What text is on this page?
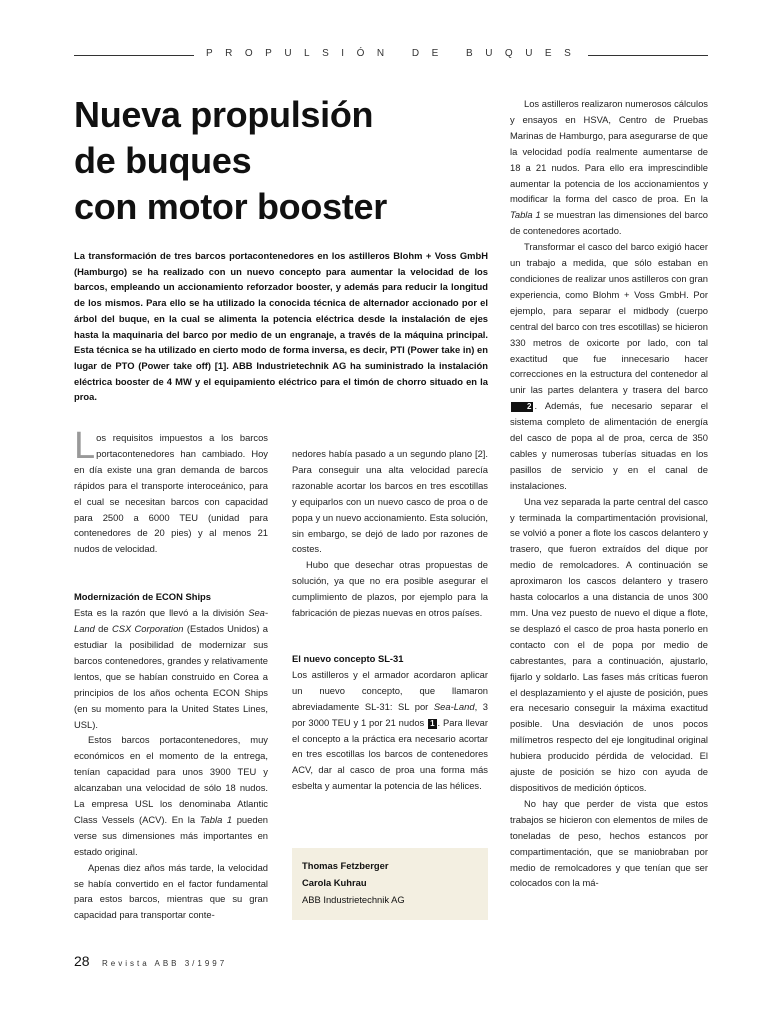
PROPULSIÓN DE BUQUES
Nueva propulsión
de buques
con motor booster

La transformación de tres barcos portacontenedores en los astilleros Blohm + Voss GmbH (Hamburgo) se ha realizado con un nuevo concepto para aumentar la velocidad de los barcos, empleando un accionamiento reforzador booster, y además para reducir la longitud de los mismos. Para ello se ha utilizado la conocida técnica de alternador accionado por el árbol del buque, en la cual se alimenta la potencia eléctrica desde la instalación de ejes hasta la maquinaria del barco por medio de un engranaje, a través de la máquina principal. Esta técnica se ha utilizado en cierto modo de forma inversa, es decir, PTI (Power take in) en lugar de PTO (Power take off) [1]. ABB Industrietechnik AG ha suministrado la instalación eléctrica booster de 4 MW y el equipamiento eléctrico para el timón de chorro situado en la proa.

Los requisitos impuestos a los barcos portacontenedores han cambiado. Hoy en día existe una gran demanda de barcos rápidos para el transporte interoceánico, para el cual se necesitan barcos con capacidad para 2500 a 6000 TEU (unidad para contenedores de 20 pies) y al menos 21 nudos de velocidad.

Modernización de ECON Ships

Esta es la razón que llevó a la división Sea-Land de CSX Corporation (Estados Unidos) a estudiar la posibilidad de modernizar sus barcos contenedores, grandes y relativamente lentos, que se habían construido en Corea a principios de los años ochenta ECON Ships (en su momento para la United States Lines, USL).

Estos barcos portacontenedores, muy económicos en el momento de la entrega, tenían capacidad para unos 3900 TEU y alcanzaban una velocidad de sólo 18 nudos. La empresa USL los denominaba Atlantic Class Vessels (ACV). En la Tabla 1 pueden verse sus dimensiones más importantes en estado original.

Apenas diez años más tarde, la velocidad se había convertido en el factor fundamental para estos barcos, mientras que su gran capacidad para transportar conte-

nedores había pasado a un segundo plano [2]. Para conseguir una alta velocidad parecía razonable acortar los barcos en tres escotillas y equiparlos con un nuevo casco de proa o de popa y un nuevo accionamiento. Esta solución, sin embargo, se dejó de lado por razones de costes.

Hubo que desechar otras propuestas de solución, ya que no era posible asegurar el cumplimiento de plazos, por ejemplo para la fabricación de piezas nuevas en otros países.

El nuevo concepto SL-31

Los astilleros y el armador acordaron aplicar un nuevo concepto, que llamaron abreviadamente SL-31: SL por Sea-Land, 3 por 3000 TEU y 1 por 21 nudos 1 . Para llevar el concepto a la práctica era necesario acortar en tres escotillas los barcos de contenedores ACV, dar al casco de proa una forma más esbelta y aumentar la potencia de las hélices.

Thomas Fetzberger
Carola Kuhrau
ABB Industrietechnik AG

Los astilleros realizaron numerosos cálculos y ensayos en HSVA, Centro de Pruebas Marinas de Hamburgo, para asegurarse de que la velocidad podía realmente aumentarse de 18 a 21 nudos. Para ello era imprescindible aumentar la potencia de los accionamientos y modificar la forma del casco de proa. En la Tabla 1 se muestran las dimensiones del barco de contenedores acortado.

Transformar el casco del barco exigió hacer un trabajo a medida, que sólo estaban en condiciones de realizar unos astilleros con gran experiencia, como Blohm + Voss GmbH. Por ejemplo, para separar el midbody (cuerpo central del barco con tres escotillas) se hicieron 330 metros de oxicorte por lado, con tal exactitud que fue innecesario hacer correcciones en la estructura del contenedor al unir las partes delantera y trasera del barco 2 . Además, fue necesario separar el sistema completo de alimentación de energía del casco de popa al de proa, cerca de 350 cables y numerosas tuberías situadas en los pasillos de servicio y en el canal de instalaciones.

Una vez separada la parte central del casco y terminada la compartimentación provisional, se volvió a poner a flote los cascos delantero y trasero, que fueron extraídos del dique por medio de remolcadores. A continuación se aproximaron los cascos delantero y trasero hasta colocarlos a una distancia de unos 300 mm. Una vez puesto de nuevo el dique a flote, se desplazó el casco de proa hasta ponerlo en contacto con el de popa por medio de cabrestantes, para a continuación, ajustarlo, fijarlo y soldarlo. Las fases más críticas fueron el desplazamiento y el ajuste de posición, pues era necesario conseguir la máxima exactitud posible. Una desviación de unos pocos milímetros respecto del eje longitudinal original hubiera producido pérdida de velocidad. El ajuste de posición se hizo con ayuda de dispositivos de medición ópticos.

No hay que perder de vista que estos trabajos se hicieron con elementos de miles de toneladas de peso, hechos estancos por compartimentación, que se maniobraban por medio de remolcadores y que tenían que ser colocados con la má-

28 Revista ABB 3/1997
